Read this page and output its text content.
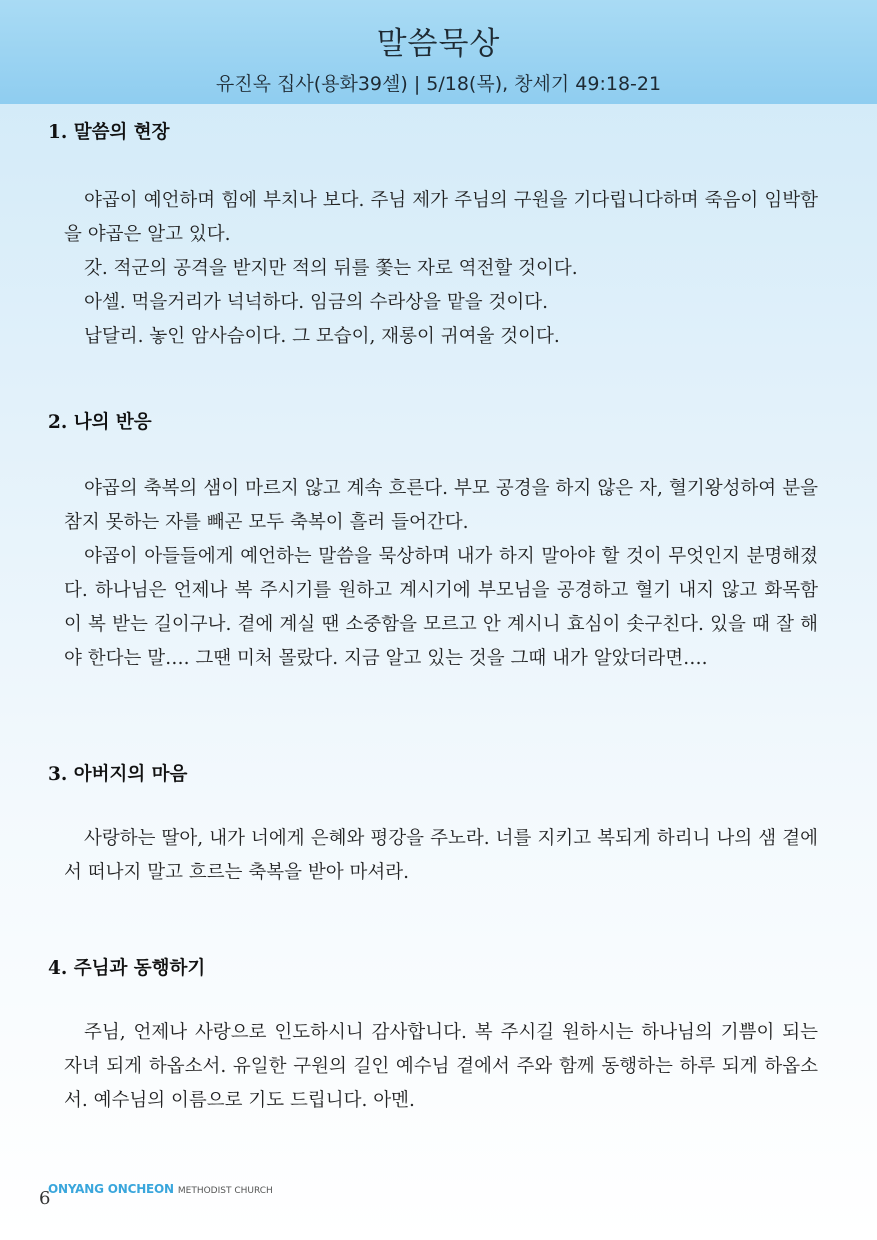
말씀묵상
유진옥 집사(용화39셀) | 5/18(목), 창세기 49:18-21
1. 말씀의 현장

야곱이 예언하며 힘에 부치나 보다. 주님 제가 주님의 구원을 기다립니다하며 죽음이 임박함을 야곱은 알고 있다.

갓. 적군의 공격을 받지만 적의 뒤를 쫓는 자로 역전할 것이다.

아셀. 먹을거리가 넉넉하다. 임금의 수라상을 맡을 것이다.

납달리. 놓인 암사슴이다. 그 모습이, 재롱이 귀여울 것이다.

2. 나의 반응

야곱의 축복의 샘이 마르지 않고 계속 흐른다. 부모 공경을 하지 않은 자, 혈기왕성하여 분을 참지 못하는 자를 빼곤 모두 축복이 흘러 들어간다.

야곱이 아들들에게 예언하는 말씀을 묵상하며 내가 하지 말아야 할 것이 무엇인지 분명해졌다. 하나님은 언제나 복 주시기를 원하고 계시기에 부모님을 공경하고 혈기 내지 않고 화목함이 복 받는 길이구나. 곁에 계실 땐 소중함을 모르고 안 계시니 효심이 솟구친다. 있을 때 잘 해야 한다는 말…. 그땐 미처 몰랐다. 지금 알고 있는 것을 그때 내가 알았더라면….

3. 아버지의 마음

사랑하는 딸아, 내가 너에게 은혜와 평강을 주노라. 너를 지키고 복되게 하리니 나의 샘 곁에서 떠나지 말고 흐르는 축복을 받아 마셔라.

4. 주님과 동행하기

주님, 언제나 사랑으로 인도하시니 감사합니다. 복 주시길 원하시는 하나님의 기쁨이 되는 자녀 되게 하옵소서. 유일한 구원의 길인 예수님 곁에서 주와 함께 동행하는 하루 되게 하옵소서. 예수님의 이름으로 기도 드립니다. 아멘.

6
ONYANG ONCHEON METHODIST CHURCH
